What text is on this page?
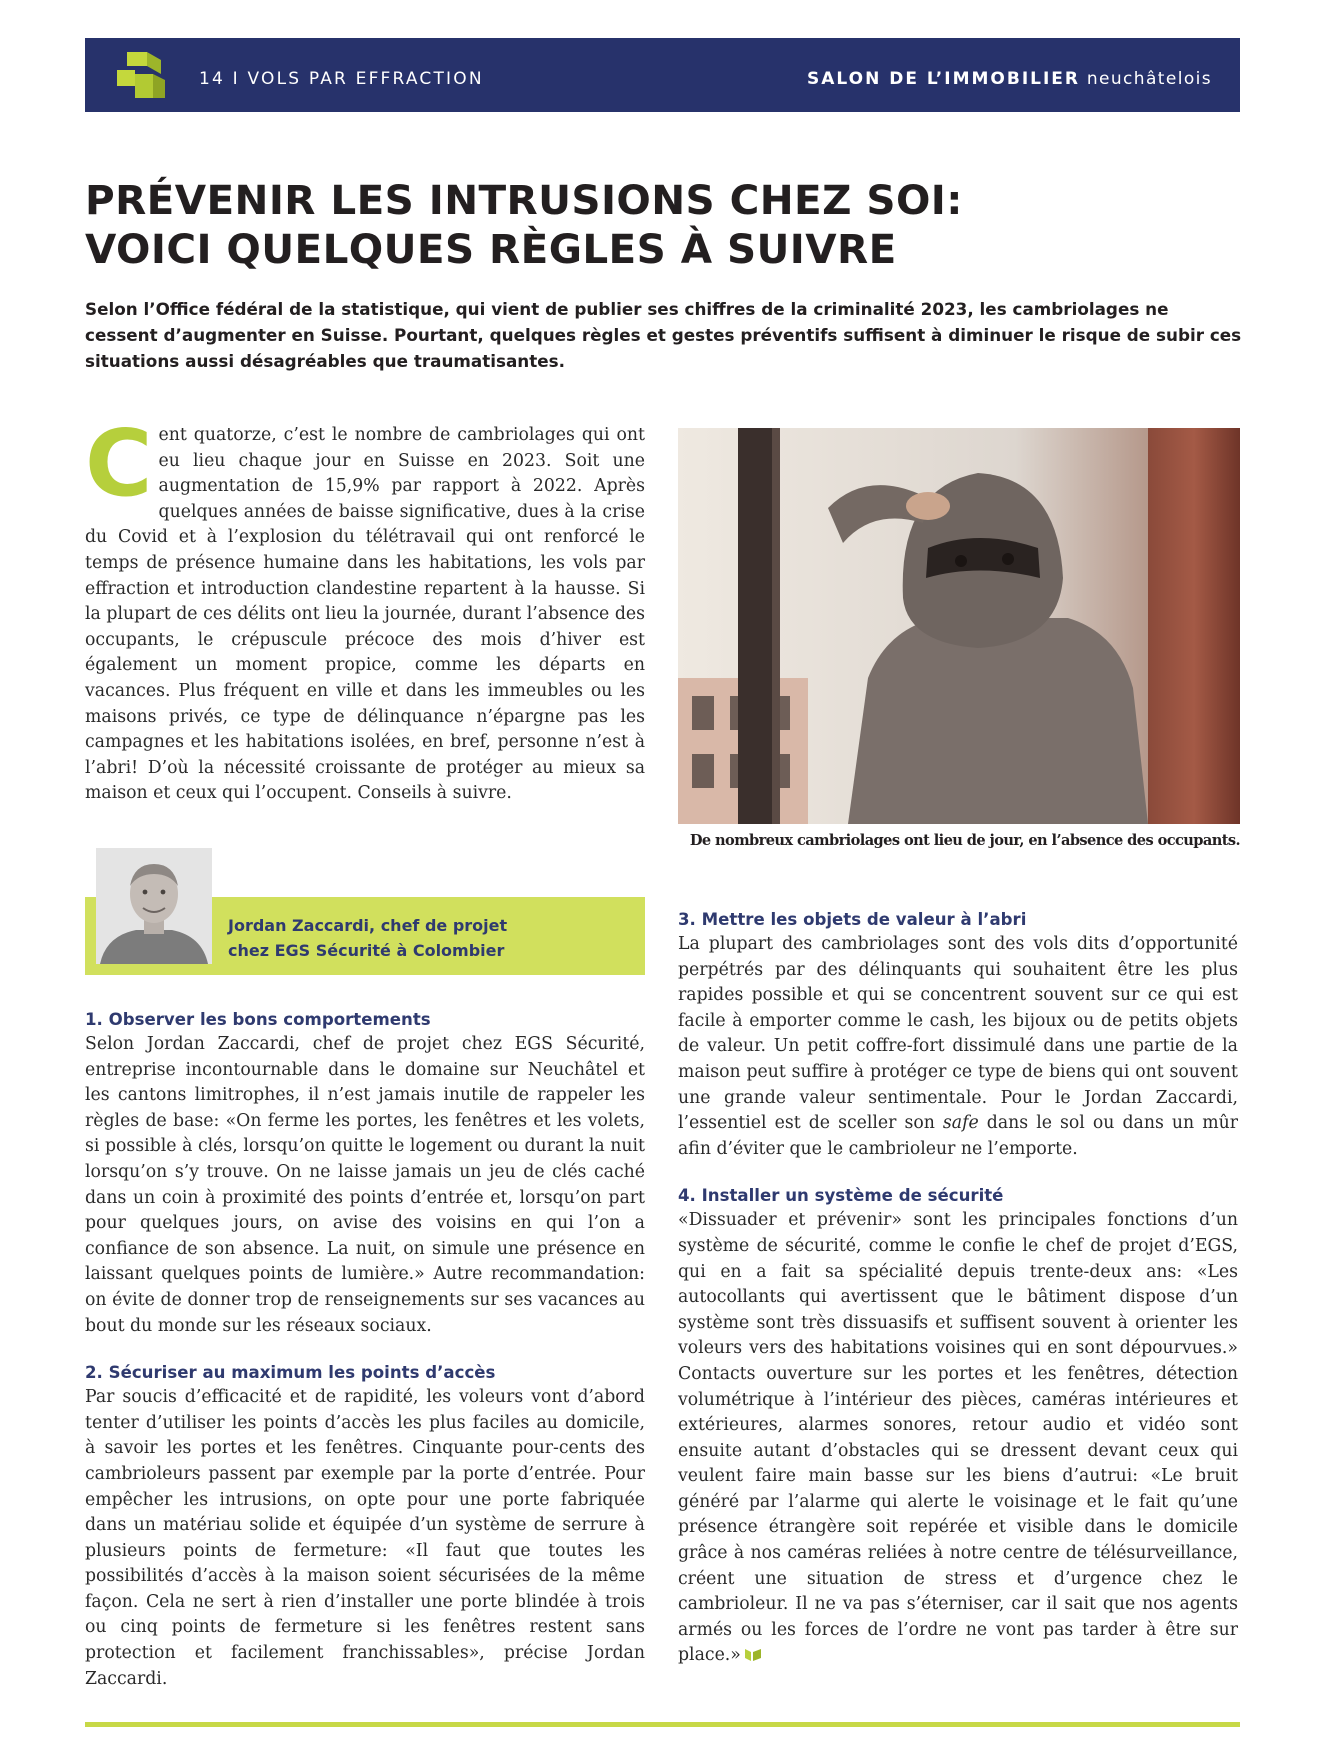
14 I VOLS PAR EFFRACTION	SALON DE L’IMMOBILIER neuchâtelois
PRÉVENIR LES INTRUSIONS CHEZ SOI:
VOICI QUELQUES RÈGLES À SUIVRE

Selon l’Office fédéral de la statistique, qui vient de publier ses chiffres de la criminalité 2023, les cambriolages ne cessent d’augmenter en Suisse. Pourtant, quelques règles et gestes préventifs suffisent à diminuer le risque de subir ces situations aussi désagréables que traumatisantes.

Cent quatorze, c’est le nombre de cambriolages qui ont eu lieu chaque jour en Suisse en 2023. Soit une augmentation de 15,9% par rapport à 2022. Après quelques années de baisse significative, dues à la crise du Covid et à l’explosion du télétravail qui ont renforcé le temps de présence humaine dans les habitations, les vols par effraction et introduction clandestine repartent à la hausse. Si la plupart de ces délits ont lieu la journée, durant l’absence des occupants, le crépuscule précoce des mois d’hiver est également un moment propice, comme les départs en vacances. Plus fréquent en ville et dans les immeubles ou les maisons privés, ce type de délinquance n’épargne pas les campagnes et les habitations isolées, en bref, personne n’est à l’abri! D’où la nécessité croissante de protéger au mieux sa maison et ceux qui l’occupent. Conseils à suivre.

De nombreux cambriolages ont lieu de jour, en l’absence des occupants.

Jordan Zaccardi, chef de projet
chez EGS Sécurité à Colombier

1. Observer les bons comportements

Selon Jordan Zaccardi, chef de projet chez EGS Sécurité, entreprise incontournable dans le domaine sur Neuchâtel et les cantons limitrophes, il n’est jamais inutile de rappeler les règles de base: «On ferme les portes, les fenêtres et les volets, si possible à clés, lorsqu’on quitte le logement ou durant la nuit lorsqu’on s’y trouve. On ne laisse jamais un jeu de clés caché dans un coin à proximité des points d’entrée et, lorsqu’on part pour quelques jours, on avise des voisins en qui l’on a confiance de son absence. La nuit, on simule une présence en laissant quelques points de lumière.» Autre recommandation: on évite de donner trop de renseignements sur ses vacances au bout du monde sur les réseaux sociaux.

2. Sécuriser au maximum les points d’accès

Par soucis d’efficacité et de rapidité, les voleurs vont d’abord tenter d’utiliser les points d’accès les plus faciles au domicile, à savoir les portes et les fenêtres. Cinquante pour-cents des cambrioleurs passent par exemple par la porte d’entrée. Pour empêcher les intrusions, on opte pour une porte fabriquée dans un matériau solide et équipée d’un système de serrure à plusieurs points de fermeture: «Il faut que toutes les possibilités d’accès à la maison soient sécurisées de la même façon. Cela ne sert à rien d’installer une porte blindée à trois ou cinq points de fermeture si les fenêtres restent sans protection et facilement franchissables», précise Jordan Zaccardi.

3. Mettre les objets de valeur à l’abri

La plupart des cambriolages sont des vols dits d’opportunité perpétrés par des délinquants qui souhaitent être les plus rapides possible et qui se concentrent souvent sur ce qui est facile à emporter comme le cash, les bijoux ou de petits objets de valeur. Un petit coffre-fort dissimulé dans une partie de la maison peut suffire à protéger ce type de biens qui ont souvent une grande valeur sentimentale. Pour le Jordan Zaccardi, l’essentiel est de sceller son safe dans le sol ou dans un mûr afin d’éviter que le cambrioleur ne l’emporte.

4. Installer un système de sécurité

«Dissuader et prévenir» sont les principales fonctions d’un système de sécurité, comme le confie le chef de projet d’EGS, qui en a fait sa spécialité depuis trente-deux ans: «Les autocollants qui avertissent que le bâtiment dispose d’un système sont très dissuasifs et suffisent souvent à orienter les voleurs vers des habitations voisines qui en sont dépourvues.» Contacts ouverture sur les portes et les fenêtres, détection volumétrique à l’intérieur des pièces, caméras intérieures et extérieures, alarmes sonores, retour audio et vidéo sont ensuite autant d’obstacles qui se dressent devant ceux qui veulent faire main basse sur les biens d’autrui: «Le bruit généré par l’alarme qui alerte le voisinage et le fait qu’une présence étrangère soit repérée et visible dans le domicile grâce à nos caméras reliées à notre centre de télésurveillance, créent une situation de stress et d’urgence chez le cambrioleur. Il ne va pas s’éterniser, car il sait que nos agents armés ou les forces de l’ordre ne vont pas tarder à être sur place.»
